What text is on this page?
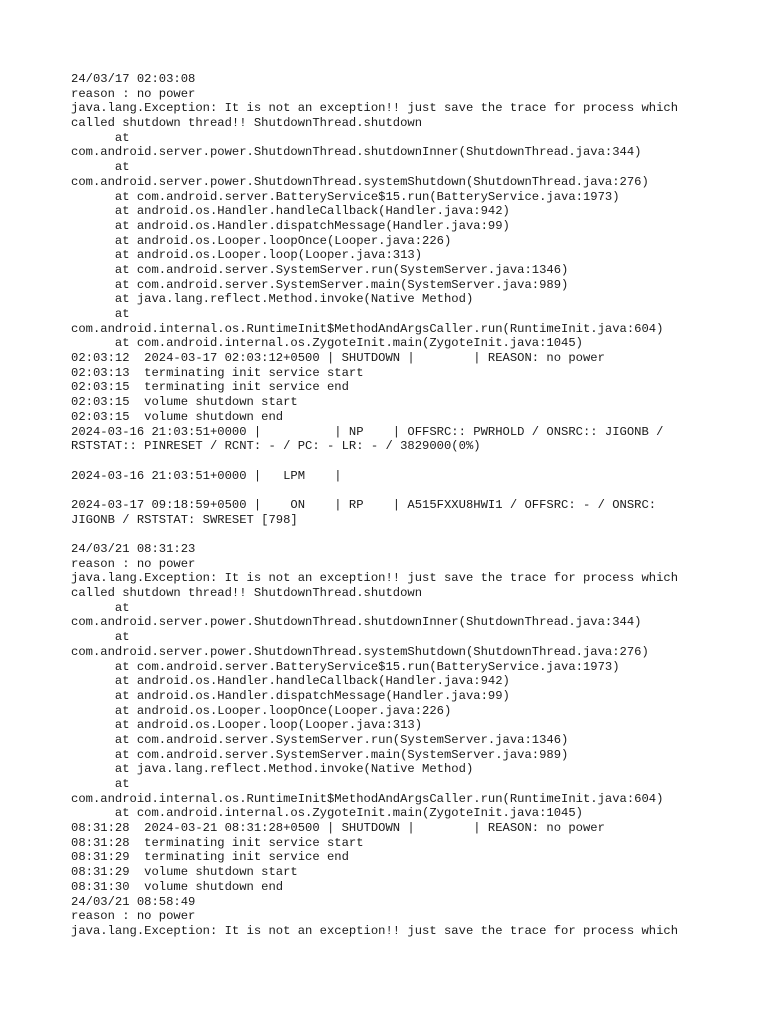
24/03/17 02:03:08
reason : no power
java.lang.Exception: It is not an exception!! just save the trace for process which
called shutdown thread!! ShutdownThread.shutdown
at
com.android.server.power.ShutdownThread.shutdownInner(ShutdownThread.java:344)
at
com.android.server.power.ShutdownThread.systemShutdown(ShutdownThread.java:276)
at com.android.server.BatteryService$15.run(BatteryService.java:1973)
at android.os.Handler.handleCallback(Handler.java:942)
at android.os.Handler.dispatchMessage(Handler.java:99)
at android.os.Looper.loopOnce(Looper.java:226)
at android.os.Looper.loop(Looper.java:313)
at com.android.server.SystemServer.run(SystemServer.java:1346)
at com.android.server.SystemServer.main(SystemServer.java:989)
at java.lang.reflect.Method.invoke(Native Method)
at
com.android.internal.os.RuntimeInit$MethodAndArgsCaller.run(RuntimeInit.java:604)
at com.android.internal.os.ZygoteInit.main(ZygoteInit.java:1045)
02:03:12  2024-03-17 02:03:12+0500 | SHUTDOWN |        | REASON: no power
02:03:13  terminating init service start
02:03:15  terminating init service end
02:03:15  volume shutdown start
02:03:15  volume shutdown end
2024-03-16 21:03:51+0000 |          | NP    | OFFSRC:: PWRHOLD / ONSRC:: JIGONB /
RSTSTAT:: PINRESET / RCNT: - / PC: - LR: - / 3829000(0%)
2024-03-16 21:03:51+0000 |   LPM    |
2024-03-17 09:18:59+0500 |    ON    | RP    | A515FXXU8HWI1 / OFFSRC: - / ONSRC:
JIGONB / RSTSTAT: SWRESET [798]
24/03/21 08:31:23
reason : no power
java.lang.Exception: It is not an exception!! just save the trace for process which
called shutdown thread!! ShutdownThread.shutdown
at
com.android.server.power.ShutdownThread.shutdownInner(ShutdownThread.java:344)
at
com.android.server.power.ShutdownThread.systemShutdown(ShutdownThread.java:276)
at com.android.server.BatteryService$15.run(BatteryService.java:1973)
at android.os.Handler.handleCallback(Handler.java:942)
at android.os.Handler.dispatchMessage(Handler.java:99)
at android.os.Looper.loopOnce(Looper.java:226)
at android.os.Looper.loop(Looper.java:313)
at com.android.server.SystemServer.run(SystemServer.java:1346)
at com.android.server.SystemServer.main(SystemServer.java:989)
at java.lang.reflect.Method.invoke(Native Method)
at
com.android.internal.os.RuntimeInit$MethodAndArgsCaller.run(RuntimeInit.java:604)
at com.android.internal.os.ZygoteInit.main(ZygoteInit.java:1045)
08:31:28  2024-03-21 08:31:28+0500 | SHUTDOWN |        | REASON: no power
08:31:28  terminating init service start
08:31:29  terminating init service end
08:31:29  volume shutdown start
08:31:30  volume shutdown end
24/03/21 08:58:49
reason : no power
java.lang.Exception: It is not an exception!! just save the trace for process which
